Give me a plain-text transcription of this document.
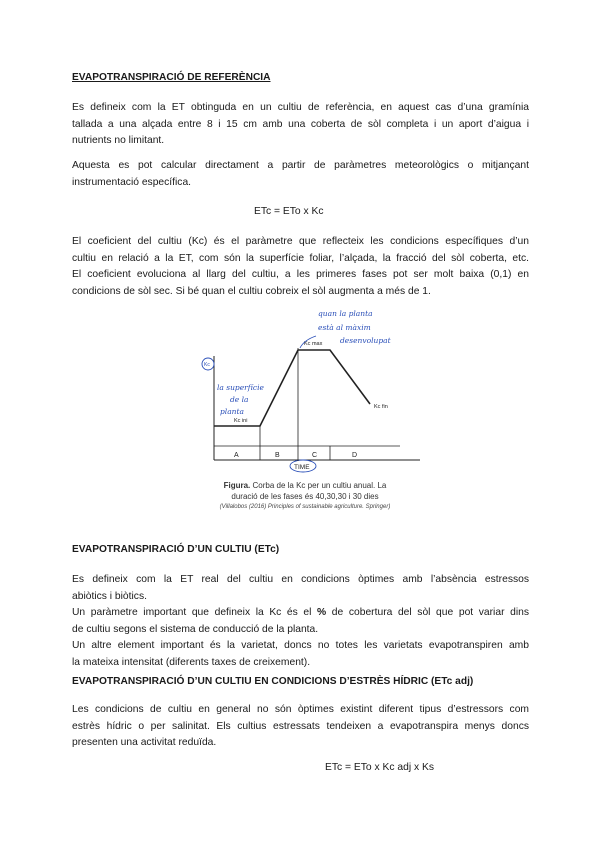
EVAPOTRANSPIRACIÓ DE REFERÈNCIA
Es defineix com la ET obtinguda en un cultiu de referència, en aquest cas d’una gramínia
tallada a una alçada entre 8 i 15 cm amb una coberta de sòl completa i un aport d’aigua i
nutrients no limitant.
Aquesta es pot calcular directament a partir de paràmetres meteorològics o mitjançant
instrumentació específica.
ETc = ETo x Kc
El coeficient del cultiu (Kc) és el paràmetre que reflecteix les condicions específiques d’un
cultiu en relació a la ET, com són la superfície foliar, l’alçada, la fracció del sòl coberta, etc.
El coeficient evoluciona al llarg del cultiu, a les primeres fases pot ser molt baixa (0,1) en
condicions de sòl sec. Si bé quan el cultiu cobreix el sòl augmenta a més de 1.
Kc ini
Kc max
Kc fin
A	B	C	D
Kc
TIME
quan la planta
està al màxim
desenvolupat
la superfície
de la
planta
Figura. Corba de la Kc per un cultiu anual. La
duració de les fases és 40,30,30 i 30 dies
(Villalobos (2016) Principles of sustainable agriculture. Springer)
EVAPOTRANSPIRACIÓ D’UN CULTIU (ETc)
Es defineix com la ET real del cultiu en condicions òptimes amb l’absència estressos
abiòtics i biòtics.
Un paràmetre important que defineix la Kc és el % de cobertura del sòl que pot variar dins
de cultiu segons el sistema de conducció de la planta.
Un altre element important és la varietat, doncs no totes les varietats evapotranspiren amb
la mateixa intensitat (diferents taxes de creixement).
EVAPOTRANSPIRACIÓ D’UN CULTIU EN CONDICIONS D’ESTRÈS HÍDRIC (ETc adj)
Les condicions de cultiu en general no són òptimes existint diferent tipus d’estressors com
estrès hídric o per salinitat. Els cultius estressats tendeixen a evapotranspira menys doncs
presenten una activitat reduïda.
ETc = ETo x Kc adj x Ks
